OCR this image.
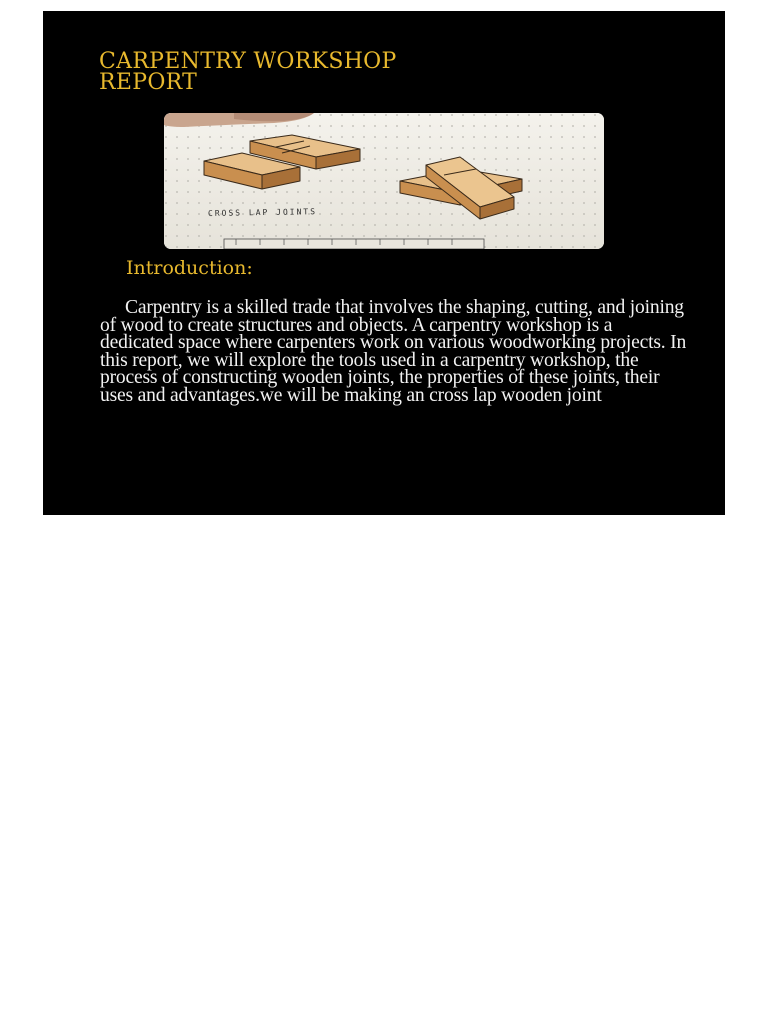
CARPENTRY WORKSHOP
REPORT
CROSS LAP JOINTS
Introduction:

Carpentry is a skilled trade that involves the shaping, cutting, and joining of wood to create structures and objects. A carpentry workshop is a dedicated space where carpenters work on various woodworking projects. In this report, we will explore the tools used in a carpentry workshop, the process of constructing wooden joints, the properties of these joints, their uses and advantages.we will be making an cross lap wooden joint
